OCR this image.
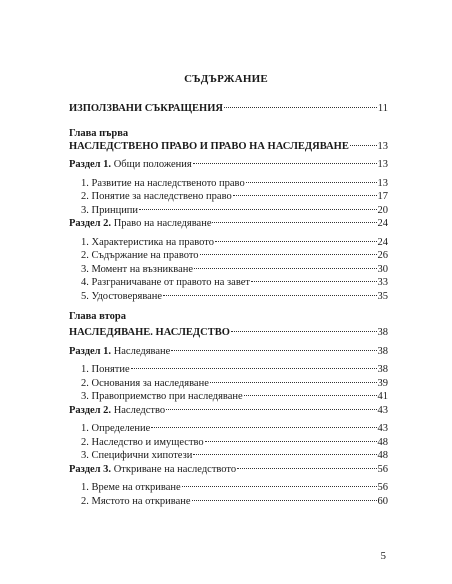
СЪДЪРЖАНИЕ
ИЗПОЛЗВАНИ СЪКРАЩЕНИЯ	11
Глава първа
НАСЛЕДСТВЕНО ПРАВО И ПРАВО НА НАСЛЕДЯВАНЕ	13
Раздел 1. Общи положения	13
1. Развитие на наследственото право	13
2. Понятие за наследствено право	17
3. Принципи	20
Раздел 2. Право на наследяване	24
1. Характеристика на правото	24
2. Съдържание на правото	26
3. Момент на възникване	30
4. Разграничаване от правото на завет	33
5. Удостоверяване	35
Глава втора
НАСЛЕДЯВАНЕ. НАСЛЕДСТВО	38
Раздел 1. Наследяване	38
1. Понятие	38
2. Основания за наследяване	39
3. Правоприемство при наследяване	41
Раздел 2. Наследство	43
1. Определение	43
2. Наследство и имущество	48
3. Специфични хипотези	48
Раздел 3. Откриване на наследството	56
1. Време на откриване	56
2. Мястото на откриване	60
5
